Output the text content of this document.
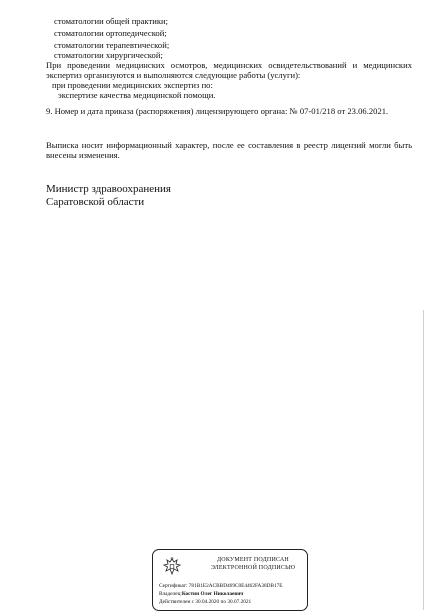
стоматологии общей практики;
стоматологии ортопедической;
стоматологии терапевтической;
стоматологии хирургической;
При проведении медицинских осмотров, медицинских освидетельствований и медицинских экспертиз организуются и выполняются следующие работы (услуги):
при проведении медицинских экспертиз по:
экспертизе качества медицинской помощи.
9. Номер и дата приказа (распоряжения) лицензирующего органа: № 07-01/218 от 23.06.2021.
Выписка носит информационный характер, после ее составления в реестр лицензий могли быть внесены изменения.
Министр здравоохранения
Саратовской области
ДОКУМЕНТ ПОДПИСАН
ЭЛЕКТРОННОЙ ПОДПИСЬЮ
Сертификат: 781B1E2ACBBD469C0E4462FA38DB17E
Владелец:Костин Олег Николаевич
Действителен с 30.04.2020 по 30.07.2021
